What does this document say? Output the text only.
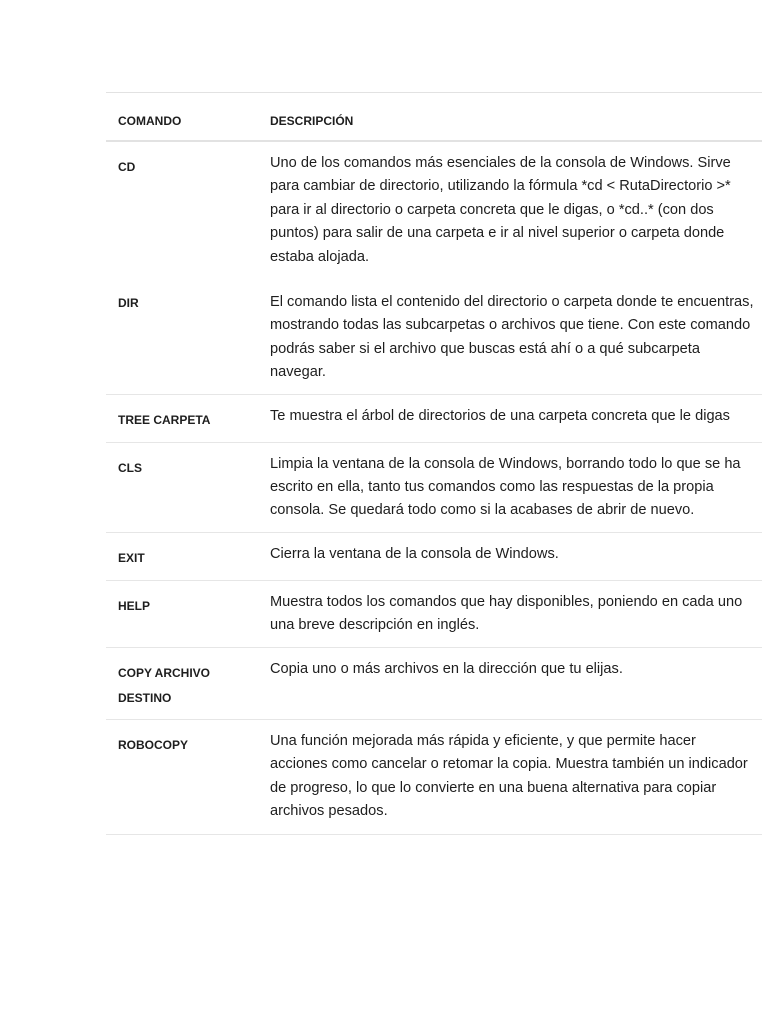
COMANDO	DESCRIPCIÓN
CD	Uno de los comandos más esenciales de la consola de Windows. Sirve para cambiar de directorio, utilizando la fórmula *cd < RutaDirectorio >* para ir al directorio o carpeta concreta que le digas, o *cd..* (con dos puntos) para salir de una carpeta e ir al nivel superior o carpeta donde estaba alojada.
DIR	El comando lista el contenido del directorio o carpeta donde te encuentras, mostrando todas las subcarpetas o archivos que tiene. Con este comando podrás saber si el archivo que buscas está ahí o a qué subcarpeta navegar.
TREE CARPETA	Te muestra el árbol de directorios de una carpeta concreta que le digas
CLS	Limpia la ventana de la consola de Windows, borrando todo lo que se ha escrito en ella, tanto tus comandos como las respuestas de la propia consola. Se quedará todo como si la acabases de abrir de nuevo.
EXIT	Cierra la ventana de la consola de Windows.
HELP	Muestra todos los comandos que hay disponibles, poniendo en cada uno una breve descripción en inglés.
COPY ARCHIVO DESTINO	Copia uno o más archivos en la dirección que tu elijas.
ROBOCOPY	Una función mejorada más rápida y eficiente, y que permite hacer acciones como cancelar o retomar la copia. Muestra también un indicador de progreso, lo que lo convierte en una buena alternativa para copiar archivos pesados.
